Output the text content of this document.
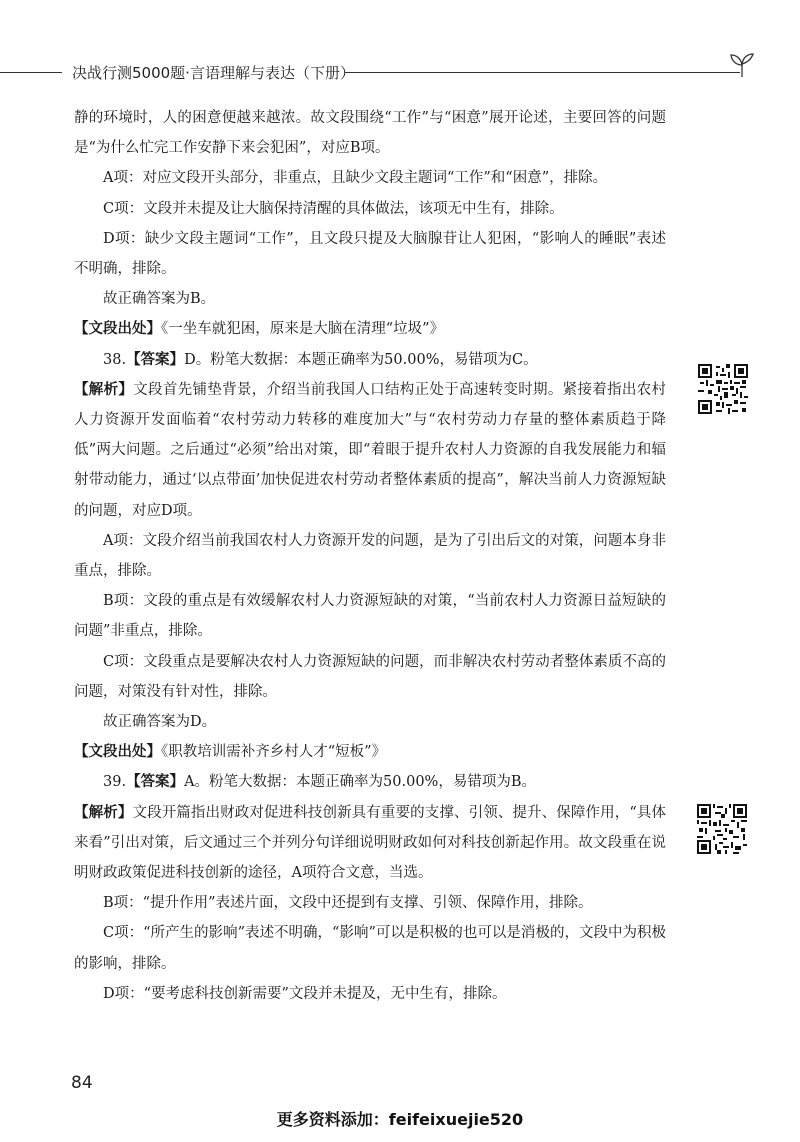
决战行测5000题·言语理解与表达（下册）

静的环境时，人的困意便越来越浓。故文段围绕“工作”与“困意”展开论述，主要回答的问题是“为什么忙完工作安静下来会犯困”，对应B项。

A项：对应文段开头部分，非重点，且缺少文段主题词“工作”和“困意”，排除。

C项：文段并未提及让大脑保持清醒的具体做法，该项无中生有，排除。

D项：缺少文段主题词“工作”，且文段只提及大脑腺苷让人犯困，“影响人的睡眠”表述不明确，排除。

故正确答案为B。

【文段出处】《一坐车就犯困，原来是大脑在清理“垃圾”》

38.【答案】D。粉笔大数据：本题正确率为50.00%，易错项为C。

【解析】文段首先铺垫背景，介绍当前我国人口结构正处于高速转变时期。紧接着指出农村人力资源开发面临着“农村劳动力转移的难度加大”与“农村劳动力存量的整体素质趋于降低”两大问题。之后通过“必须”给出对策，即“着眼于提升农村人力资源的自我发展能力和辐射带动能力，通过‘以点带面’加快促进农村劳动者整体素质的提高”，解决当前人力资源短缺的问题，对应D项。

A项：文段介绍当前我国农村人力资源开发的问题，是为了引出后文的对策，问题本身非重点，排除。

B项：文段的重点是有效缓解农村人力资源短缺的对策，“当前农村人力资源日益短缺的问题”非重点，排除。

C项：文段重点是要解决农村人力资源短缺的问题，而非解决农村劳动者整体素质不高的问题，对策没有针对性，排除。

故正确答案为D。

【文段出处】《职教培训需补齐乡村人才“短板”》

39.【答案】A。粉笔大数据：本题正确率为50.00%，易错项为B。

【解析】文段开篇指出财政对促进科技创新具有重要的支撑、引领、提升、保障作用，“具体来看”引出对策，后文通过三个并列分句详细说明财政如何对科技创新起作用。故文段重在说明财政政策促进科技创新的途径，A项符合文意，当选。

B项：“提升作用”表述片面，文段中还提到有支撑、引领、保障作用，排除。

C项：“所产生的影响”表述不明确，“影响”可以是积极的也可以是消极的，文段中为积极的影响，排除。

D项：“要考虑科技创新需要”文段并未提及，无中生有，排除。

84
更多资料添加：feifeixuejie520
